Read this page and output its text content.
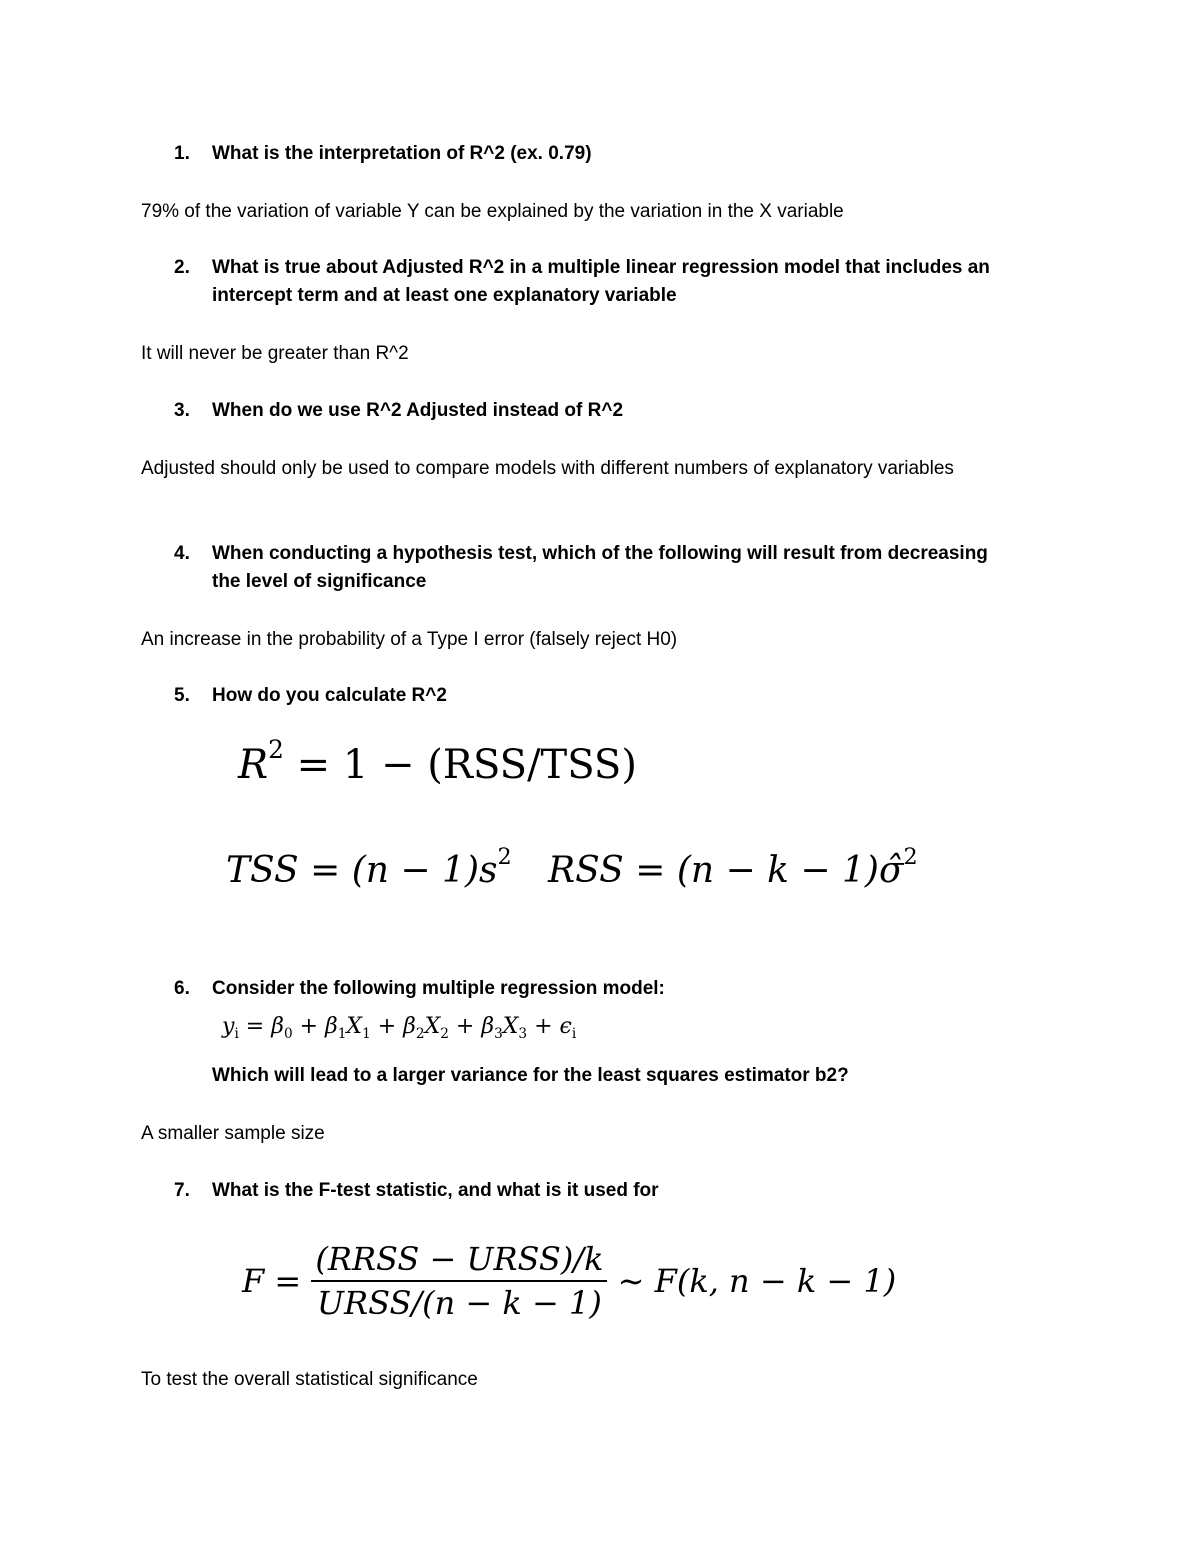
1.	What is the interpretation of R^2 (ex. 0.79)
79% of the variation of variable Y can be explained by the variation in the X variable
2.	What is true about Adjusted R^2 in a multiple linear regression model that includes an intercept term and at least one explanatory variable
It will never be greater than R^2
3.	When do we use R^2 Adjusted instead of R^2
Adjusted should only be used to compare models with different numbers of explanatory variables
4.	When conducting a hypothesis test, which of the following will result from decreasing the level of significance
An increase in the probability of a Type I error (falsely reject H0)
5.	How do you calculate R^2
$R^2 = 1 - (RSS/TSS)$
TSS = $(n - 1)s^2$ RSS = (n − k − 1)σ̂$^2$
6.	Consider the following multiple regression model:
$y_i = \beta_0 + \beta_1X_1 + \beta_2X_2 + \beta_3X_3 + \epsilon_i$
Which will lead to a larger variance for the least squares estimator b2?
A smaller sample size
7.	What is the F-test statistic, and what is it used for
$F = \frac{\text{(RRSS − URSS)/k}}{\text{URSS/(n − k − 1)}}$ ∼ F(k, n − k − 1)
To test the overall statistical significance
